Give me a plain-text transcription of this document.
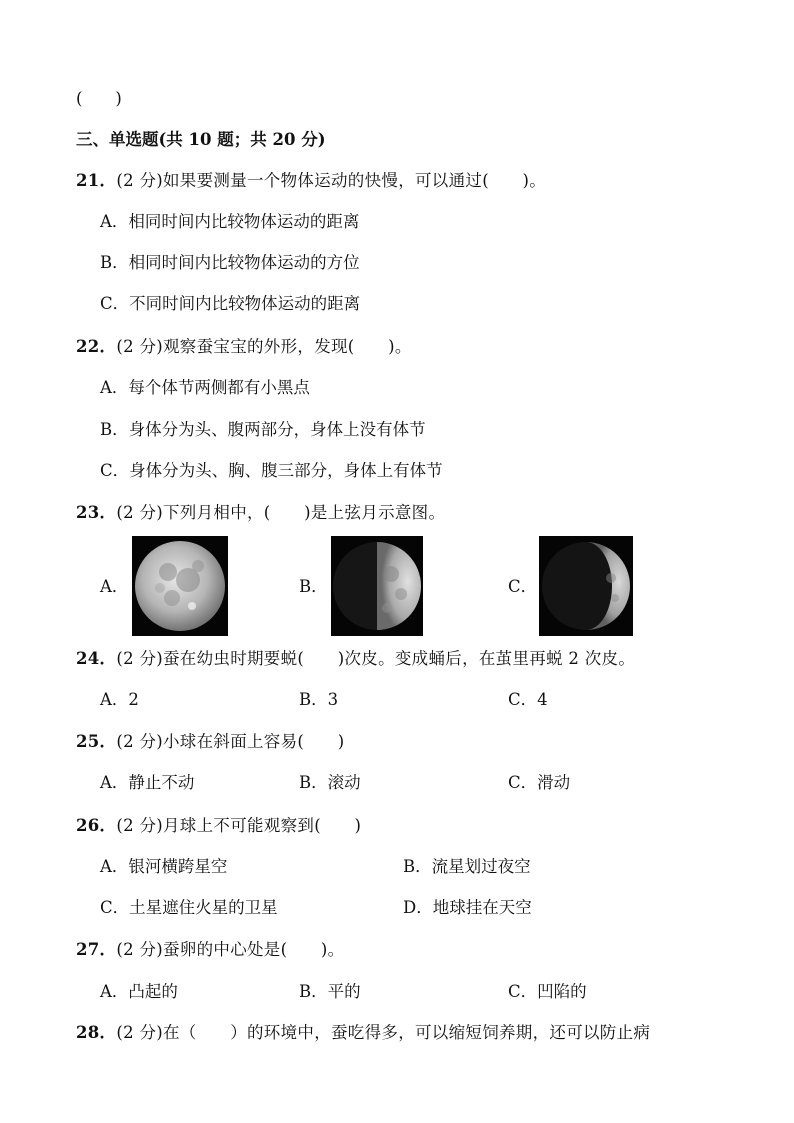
(　　)
三、单选题(共 10 题；共 20 分)
21．(2 分)如果要测量一个物体运动的快慢，可以通过(　　)。
A．相同时间内比较物体运动的距离
B．相同时间内比较物体运动的方位
C．不同时间内比较物体运动的距离
22．(2 分)观察蚕宝宝的外形，发现(　　)。
A．每个体节两侧都有小黑点
B．身体分为头、腹两部分，身体上没有体节
C．身体分为头、胸、腹三部分，身体上有体节
23．(2 分)下列月相中，(　　)是上弦月示意图。
A．	B．	C．
24．(2 分)蚕在幼虫时期要蜕(　　)次皮。变成蛹后，在茧里再蜕 2 次皮。
A．2	B．3	C．4
25．(2 分)小球在斜面上容易(　　)
A．静止不动	B．滚动	C．滑动
26．(2 分)月球上不可能观察到(　　)
A．银河横跨星空	B．流星划过夜空
C．土星遮住火星的卫星	D．地球挂在天空
27．(2 分)蚕卵的中心处是(　　)。
A．凸起的	B．平的	C．凹陷的
28．(2 分)在（　　）的环境中，蚕吃得多，可以缩短饲养期，还可以防止病
